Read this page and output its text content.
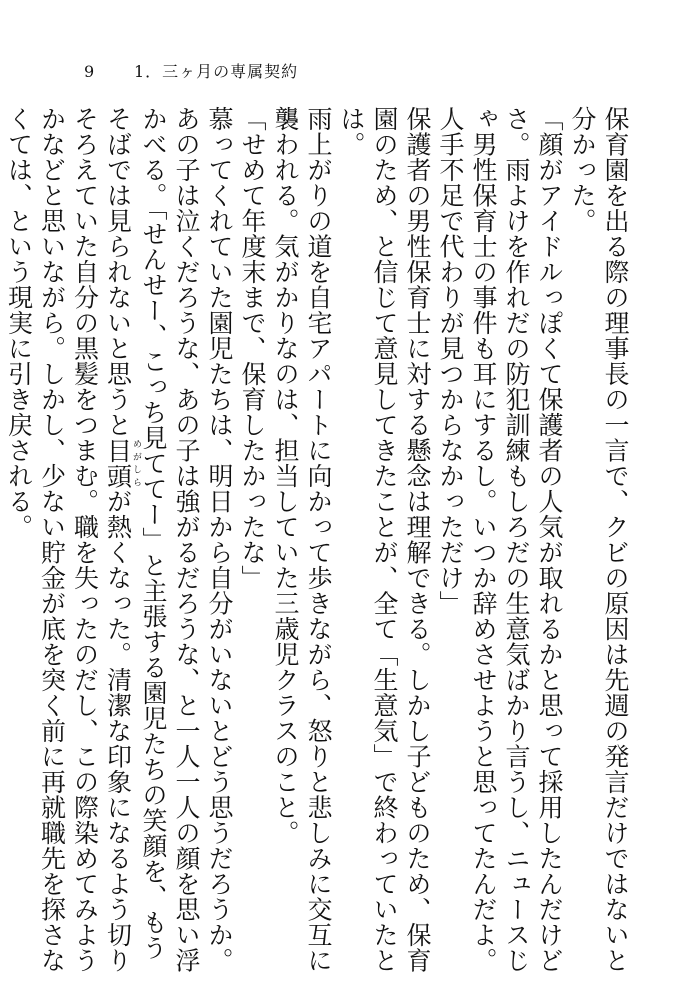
9 1．三ヶ月の専属契約

保育園を出る際の理事長の一言で、クビの原因は先週の発言だけではないと分かった。

「顔がアイドルっぽくて保護者の人気が取れるかと思って採用したんだけどさ。雨よけを作れだの防犯訓練もしろだの生意気ばかり言うし、ニュースじゃ男性保育士の事件も耳にするし。いつか辞めさせようと思ってたんだよ。人手不足で代わりが見つからなかっただけ」

保護者の男性保育士に対する懸念は理解できる。しかし子どものため、保育園のため、と信じて意見してきたことが、全て「生意気」で終わっていたとは。

雨上がりの道を自宅アパートに向かって歩きながら、怒りと悲しみに交互に襲われる。気がかりなのは、担当していた三歳児クラスのこと。

「せめて年度末まで、保育したかったな」

慕ってくれていた園児たちは、明日から自分がいないとどう思うだろうか。あの子は泣くだろうな、あの子は強がるだろうな、と一人一人の顔を思い浮かべる。「せんせー、こっち見ててー」と主張する園児たちの笑顔を、もうそばでは見られないと思うと目頭めがしらが熱くなった。清潔な印象になるよう切りそろえていた自分の黒髪をつまむ。職を失ったのだし、この際染めてみようかなどと思いながら。しかし、少ない貯金が底を突く前に再就職先を探さなくては、という現実に引き戻される。
